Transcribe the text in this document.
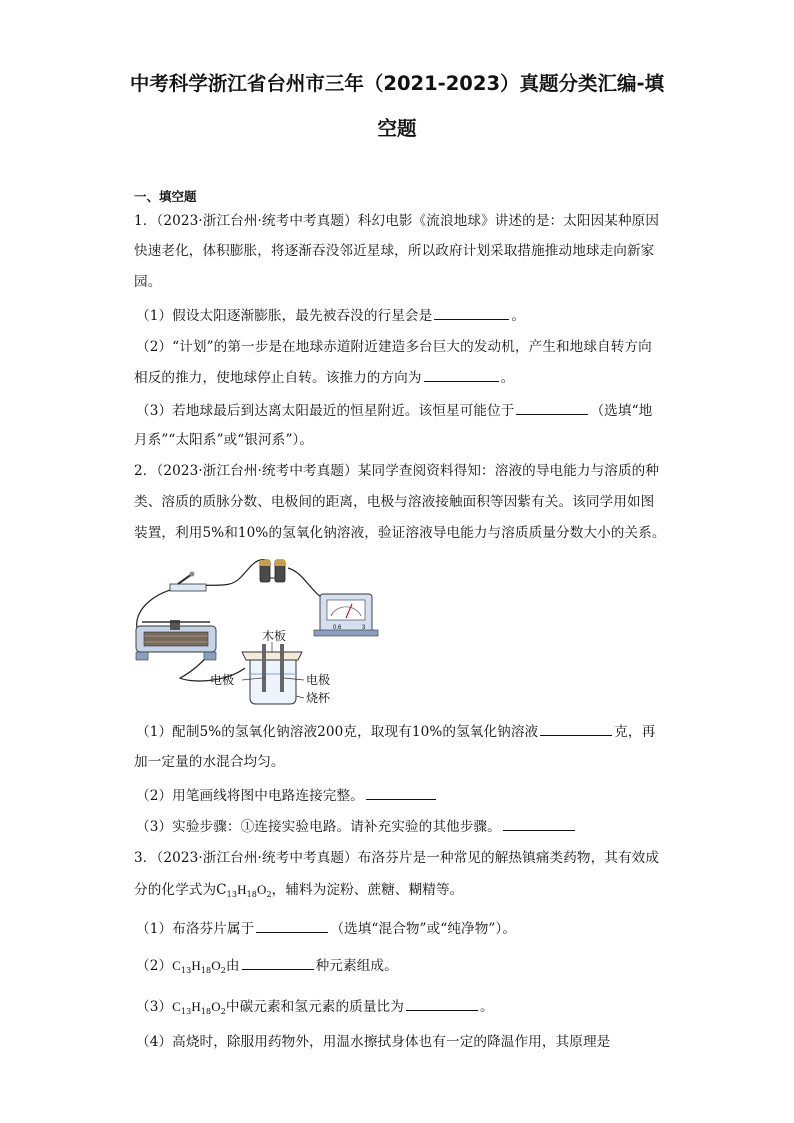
中考科学浙江省台州市三年（2021-2023）真题分类汇编-填
空题
一、填空题
1．（2023·浙江台州·统考中考真题）科幻电影《流浪地球》讲述的是：太阳因某种原因
快速老化，体积膨胀，将逐渐吞没邻近星球，所以政府计划采取措施推动地球走向新家
园。
（1）假设太阳逐渐膨胀，最先被吞没的行星会是	。
（2）“计划”的第一步是在地球赤道附近建造多台巨大的发动机，产生和地球自转方向
相反的推力，使地球停止自转。该推力的方向为	。
（3）若地球最后到达离太阳最近的恒星附近。该恒星可能位于	（选填“地
月系”“太阳系”或“银河系”）。
2．（2023·浙江台州·统考中考真题）某同学查阅资料得知：溶液的导电能力与溶质的种
类、溶质的质脉分数、电极间的距离，电极与溶液接触面积等因紫有关。该同学用如图
装置，利用5%和10%的氢氧化钠溶液，验证溶液导电能力与溶质质量分数大小的关系。
0.6	3
木板
电极	电极
烧杯
（1）配制5%的氢氧化钠溶液200克，取现有10%的氢氧化钠溶液	克，再
加一定量的水混合均匀。
（2）用笔画线将图中电路连接完整。
（3）实验步骤：①连接实验电路。请补充实验的其他步骤。
3．（2023·浙江台州·统考中考真题）布洛芬片是一种常见的解热镇痛类药物，其有效成
分的化学式为$C_{13}H_{18}O_2$，辅料为淀粉、蔗糖、糊精等。
（1）布洛芬片属于	（选填“混合物”或“纯净物”）。
$(2)C_{13}H_{18}O_2$由	种元素组成。
$(3)C_{13}H_{18}O_2$中碳元素和氢元素的质量比为	。
（4）高烧时，除服用药物外，用温水擦拭身体也有一定的降温作用，其原理是
